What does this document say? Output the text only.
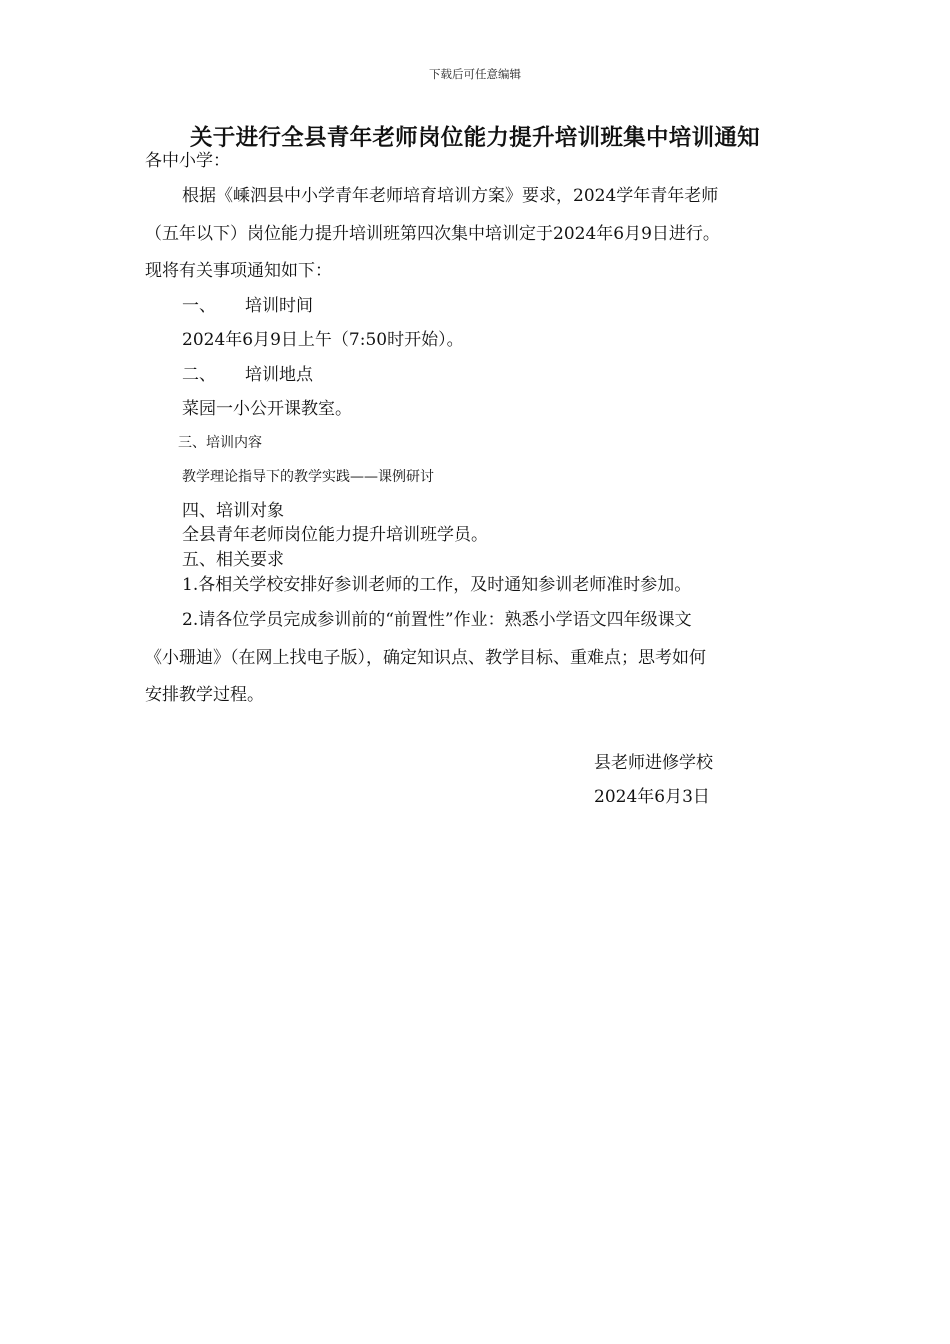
下载后可任意编辑
关于进行全县青年老师岗位能力提升培训班集中培训通知

各中小学：

根据《嵊泗县中小学青年老师培育培训方案》要求，2024学年青年老师

（五年以下）岗位能力提升培训班第四次集中培训定于2024年6月9日进行。

现将有关事项通知如下：

一、 培训时间

2024年6月9日上午（7:50时开始）。

二、 培训地点

菜园一小公开课教室。

三、培训内容

教学理论指导下的教学实践——课例研讨

四、培训对象

全县青年老师岗位能力提升培训班学员。

五、相关要求

1.各相关学校安排好参训老师的工作，及时通知参训老师准时参加。

2.请各位学员完成参训前的“前置性”作业：熟悉小学语文四年级课文

《小珊迪》（在网上找电子版），确定知识点、教学目标、重难点；思考如何

安排教学过程。

县老师进修学校

2024年6月3日
